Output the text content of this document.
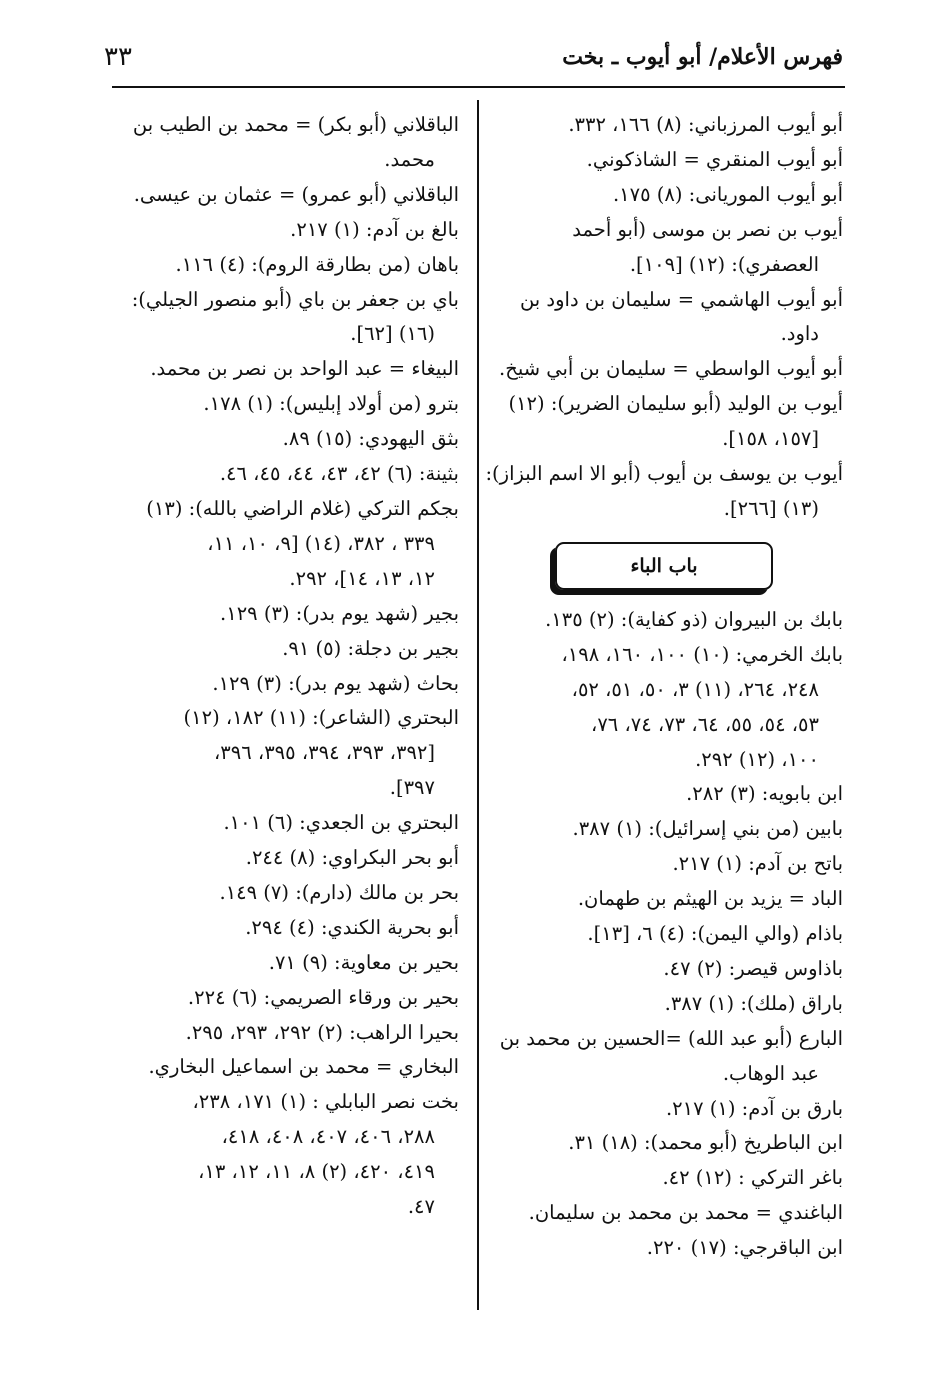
فهرس الأعلام/ أبو أيوب ـ بخت
٣٣
أبو أيوب المرزباني: (٨) ١٦٦، ٣٣٢.
أبو أيوب المنقري = الشاذكوني.
أبو أيوب الموريانى: (٨) ١٧٥.
أيوب بن نصر بن موسى (أبو أحمد
العصفري): (١٢) [١٠٩].
أبو أيوب الهاشمي = سليمان بن داود بن
داود.
أبو أيوب الواسطي = سليمان بن أبي شيخ.
أيوب بن الوليد (أبو سليمان الضرير): (١٢)
[١٥٧، ١٥٨].
أيوب بن يوسف بن أيوب (أبو الا اسم البزاز):
(١٣) [٢٦٦].
باب الباء
بابك بن البيروان (ذو كفاية): (٢) ١٣٥.
بابك الخرمي: (١٠) ١٠٠، ١٦٠، ١٩٨،
٢٤٨، ٢٦٤، (١١) ٣، ٥٠، ٥١، ٥٢،
٥٣، ٥٤، ٥٥، ٦٤، ٧٣، ٧٤، ٧٦،
١٠٠، (١٢) ٢٩٢.
ابن بابويه: (٣) ٢٨٢.
بابين (من بني إسرائيل): (١) ٣٨٧.
باتح بن آدم: (١) ٢١٧.
الباد = يزيد بن الهيثم بن طهمان.
باذام (والي اليمن): (٤) ٦، [١٣].
باذاوس قيصر: (٢) ٤٧.
باراق (ملك): (١) ٣٨٧.
البارع (أبو عبد الله) =الحسين بن محمد بن
عبد الوهاب.
بارق بن آدم: (١) ٢١٧.
ابن الباطريخ (أبو محمد): (١٨) ٣١.
باغر التركي : (١٢) ٤٢.
الباغندي = محمد بن محمد بن سليمان.
ابن الباقرجي: (١٧) ٢٢٠.
الباقلاني (أبو بكر) = محمد بن الطيب بن
محمد.
الباقلاني (أبو عمرو) = عثمان بن عيسى.
بالغ بن آدم: (١) ٢١٧.
باهان (من بطارقة الروم): (٤) ١١٦.
باي بن جعفر بن باي (أبو منصور الجيلي):
(١٦) [٦٢].
البيغاء = عبد الواحد بن نصر بن محمد.
بترو (من أولاد إبليس): (١) ١٧٨.
بثق اليهودي: (١٥) ٨٩.
بثينة: (٦) ٤٢، ٤٣، ٤٤، ٤٥، ٤٦.
بجكم التركي (غلام الراضي بالله): (١٣)
٣٣٩ ، ٣٨٢، (١٤) [٩، ١٠، ١١،
١٢، ١٣، ١٤]، ٢٩٢.
بجير (شهد يوم بدر): (٣) ١٢٩.
بجير بن دجلة: (٥) ٩١.
بحاث (شهد يوم بدر): (٣) ١٢٩.
البحتري (الشاعر): (١١) ١٨٢، (١٢)
[٣٩٢، ٣٩٣، ٣٩٤، ٣٩٥، ٣٩٦،
٣٩٧].
البحتري بن الجعدي: (٦) ١٠١.
أبو بحر البكراوي: (٨) ٢٤٤.
بحر بن مالك (دارم): (٧) ١٤٩.
أبو بحرية الكندي: (٤) ٢٩٤.
بحير بن معاوية: (٩) ٧١.
بحير بن ورقاء الصريمي: (٦) ٢٢٤.
بحيرا الراهب: (٢) ٢٩٢، ٢٩٣، ٢٩٥.
البخاري = محمد بن اسماعيل البخاري.
بخت نصر البابلي : (١) ١٧١، ٢٣٨،
٢٨٨، ٤٠٦، ٤٠٧، ٤٠٨، ٤١٨،
٤١٩، ٤٢٠، (٢) ٨، ١١، ١٢، ١٣،
٤٧.
